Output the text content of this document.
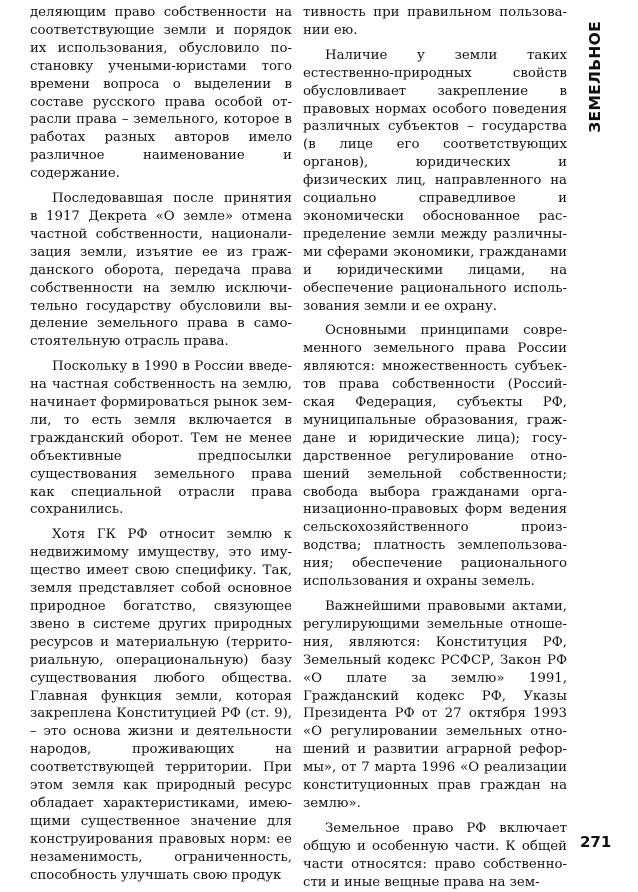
деляющим право собственности на соответствующие земли и порядок их использования, обусловило постановку учеными-юристами того времени вопроса о выделении в составе русского права особой отрасли права – земельного, которое в работах разных авторов имело различное наименование и содержание.

Последовавшая после принятия в 1917 Декрета «О земле» отмена частной собственности, национализация земли, изъятие ее из гражданского оборота, передача права собственности на землю исключительно государству обусловили выделение земельного права в самостоятельную отрасль права.

Поскольку в 1990 в России введена частная собственность на землю, начинает формироваться рынок земли, то есть земля включается в гражданский оборот. Тем не менее объективные предпосылки существования земельного права как специальной отрасли права сохранились.

Хотя ГК РФ относит землю к недвижимому имуществу, это имущество имеет свою специфику. Так, земля представляет собой основное природное богатство, связующее звено в системе других природных ресурсов и материальную (территориальную, операциональную) базу существования любого общества. Главная функция земли, которая закреплена Конституцией РФ (ст. 9), – это основа жизни и деятельности народов, проживающих на соответствующей территории. При этом земля как природный ресурс обладает характеристиками, имеющими существенное значение для конструирования правовых норм: ее незаменимость, ограниченность, способность улучшать свою продук

тивность при правильном пользовании ею.

Наличие у земли таких естественно-природных свойств обусловливает закрепление в правовых нормах особого поведения различных субъектов – государства (в лице его соответствующих органов), юридических и физических лиц, направленного на социально справедливое и экономически обоснованное распределение земли между различными сферами экономики, гражданами и юридическими лицами, на обеспечение рационального использования земли и ее охрану.

Основными принципами современного земельного права России являются: множественность субъектов права собственности (Российская Федерация, субъекты РФ, муниципальные образования, граждане и юридические лица); государственное регулирование отношений земельной собственности; свобода выбора гражданами организационно-правовых форм ведения сельскохозяйственного производства; платность землепользования; обеспечение рационального использования и охраны земель.

Важнейшими правовыми актами, регулирующими земельные отношения, являются: Конституция РФ, Земельный кодекс РСФСР, Закон РФ «О плате за землю» 1991, Гражданский кодекс РФ, Указы Президента РФ от 27 октября 1993 «О регулировании земельных отношений и развитии аграрной реформы», от 7 марта 1996 «О реализации конституционных прав граждан на землю».

Земельное право РФ включает общую и особенную части. К общей части относятся: право собственности и иные вещные права на зем-

ЗЕМЕЛЬНОЕ
271
